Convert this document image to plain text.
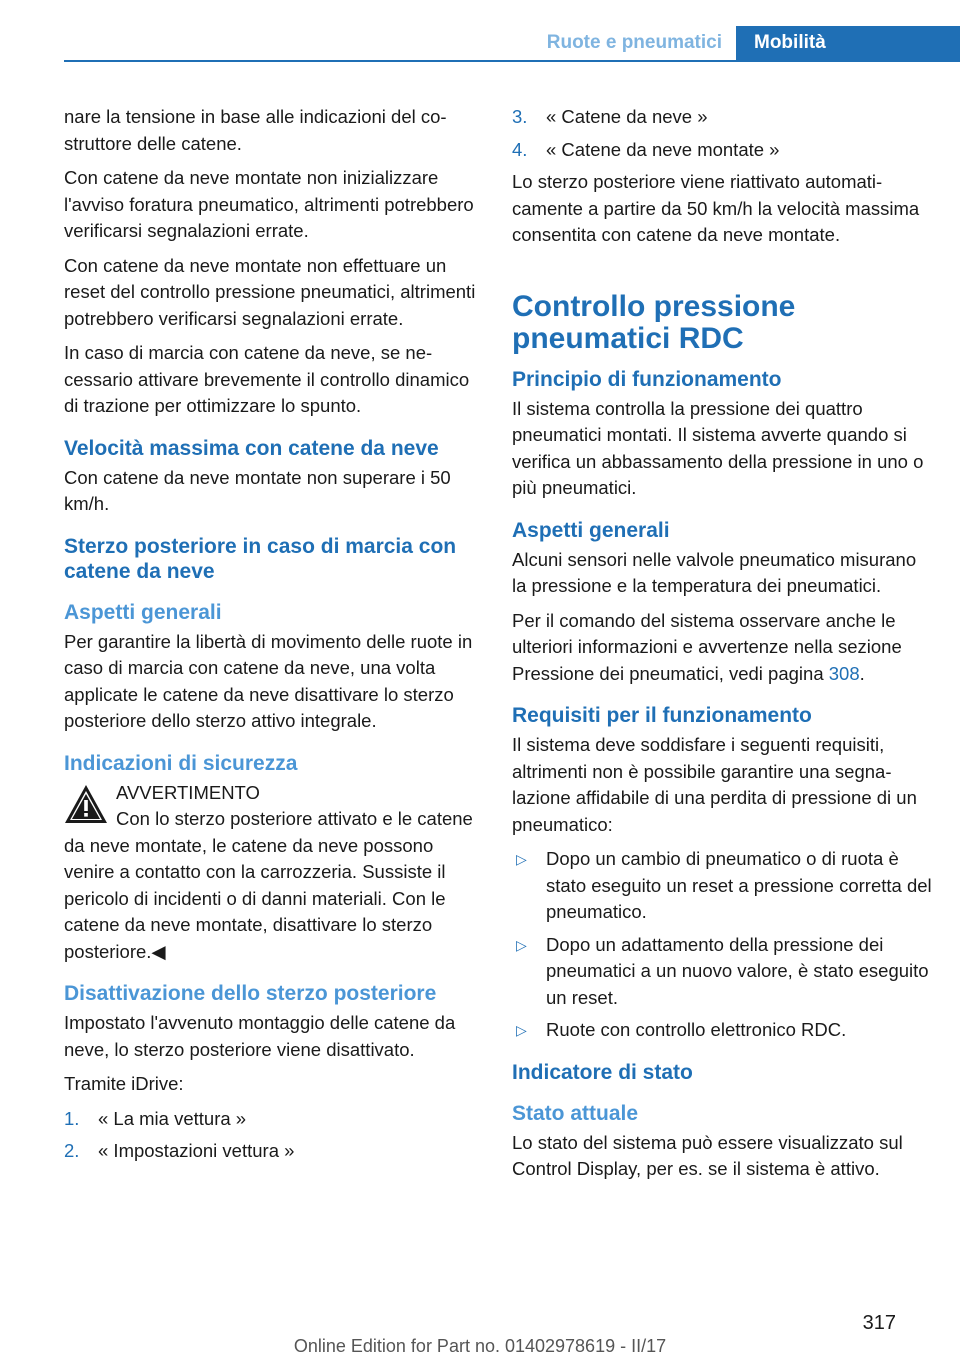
Ruote e pneumatici	Mobilità

nare la tensione in base alle indicazioni del costruttore delle catene.

Con catene da neve montate non inizializzare l'avviso foratura pneumatico, altrimenti potrebbero verificarsi segnalazioni errate.

Con catene da neve montate non effettuare un reset del controllo pressione pneumatici, altrimenti potrebbero verificarsi segnalazioni errate.

In caso di marcia con catene da neve, se necessario attivare brevemente il controllo dinamico di trazione per ottimizzare lo spunto.

Velocità massima con catene da neve

Con catene da neve montate non superare i 50 km/h.

Sterzo posteriore in caso di marcia con catene da neve
Aspetti generali

Per garantire la libertà di movimento delle ruote in caso di marcia con catene da neve, una volta applicate le catene da neve disattivare lo sterzo posteriore dello sterzo attivo integrale.

Indicazioni di sicurezza
AVVERTIMENTO

Con lo sterzo posteriore attivato e le catene da neve montate, le catene da neve possono venire a contatto con la carrozzeria. Sussiste il pericolo di incidenti o di danni materiali. Con le catene da neve montate, disattivare lo sterzo posteriore.◀

Disattivazione dello sterzo posteriore

Impostato l'avvenuto montaggio delle catene da neve, lo sterzo posteriore viene disattivato.

Tramite iDrive:

1. « La mia vettura »
2. « Impostazioni vettura »
3. « Catene da neve »
4. « Catene da neve montate »

Lo sterzo posteriore viene riattivato automaticamente a partire da 50 km/h la velocità massima consentita con catene da neve montate.

Controllo pressione pneumatici RDC
Principio di funzionamento

Il sistema controlla la pressione dei quattro pneumatici montati. Il sistema avverte quando si verifica un abbassamento della pressione in uno o più pneumatici.

Aspetti generali

Alcuni sensori nelle valvole pneumatico misurano la pressione e la temperatura dei pneumatici.

Per il comando del sistema osservare anche le ulteriori informazioni e avvertenze nella sezione Pressione dei pneumatici, vedi pagina 308.

Requisiti per il funzionamento

Il sistema deve soddisfare i seguenti requisiti, altrimenti non è possibile garantire una segnalazione affidabile di una perdita di pressione di un pneumatico:

▷ Dopo un cambio di pneumatico o di ruota è stato eseguito un reset a pressione corretta del pneumatico.
▷ Dopo un adattamento della pressione dei pneumatici a un nuovo valore, è stato eseguito un reset.
▷ Ruote con controllo elettronico RDC.
Indicatore di stato
Stato attuale

Lo stato del sistema può essere visualizzato sul Control Display, per es. se il sistema è attivo.

317
Online Edition for Part no. 01402978619 - II/17
